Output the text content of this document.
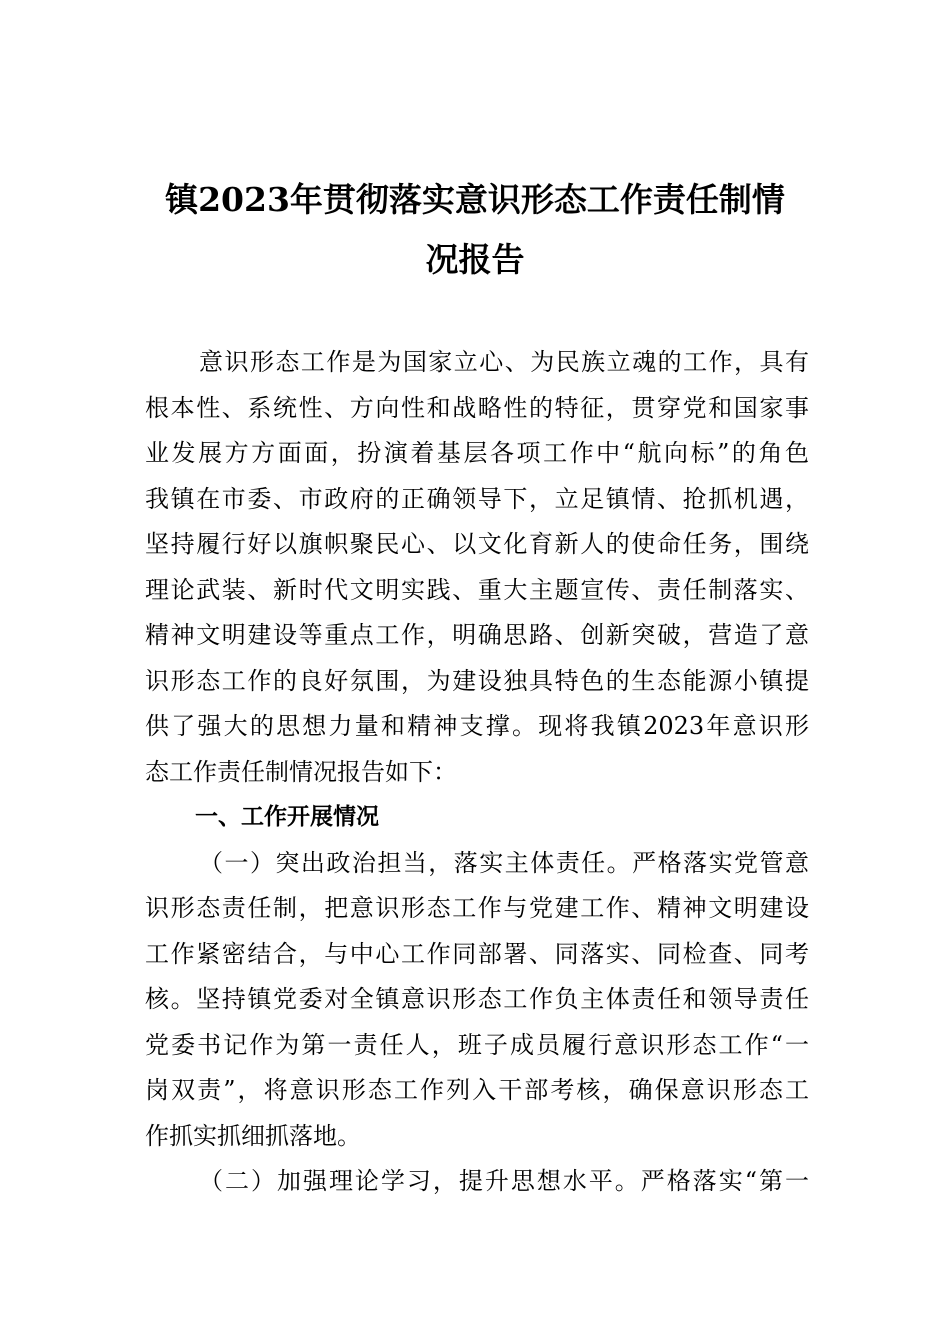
镇2023年贯彻落实意识形态工作责任制情
况报告
意识形态工作是为国家立心、为民族立魂的工作，具有
根本性、系统性、方向性和战略性的特征，贯穿党和国家事
业发展方方面面，扮演着基层各项工作中“航向标”的角色
我镇在市委、市政府的正确领导下，立足镇情、抢抓机遇，
坚持履行好以旗帜聚民心、以文化育新人的使命任务，围绕
理论武装、新时代文明实践、重大主题宣传、责任制落实、
精神文明建设等重点工作，明确思路、创新突破，营造了意
识形态工作的良好氛围，为建设独具特色的生态能源小镇提
供了强大的思想力量和精神支撑。现将我镇2023年意识形
态工作责任制情况报告如下：
一、工作开展情况
（一）突出政治担当，落实主体责任。严格落实党管意
识形态责任制，把意识形态工作与党建工作、精神文明建设
工作紧密结合，与中心工作同部署、同落实、同检查、同考
核。坚持镇党委对全镇意识形态工作负主体责任和领导责任
党委书记作为第一责任人，班子成员履行意识形态工作“一
岗双责”，将意识形态工作列入干部考核，确保意识形态工
作抓实抓细抓落地。
（二）加强理论学习，提升思想水平。严格落实“第一
